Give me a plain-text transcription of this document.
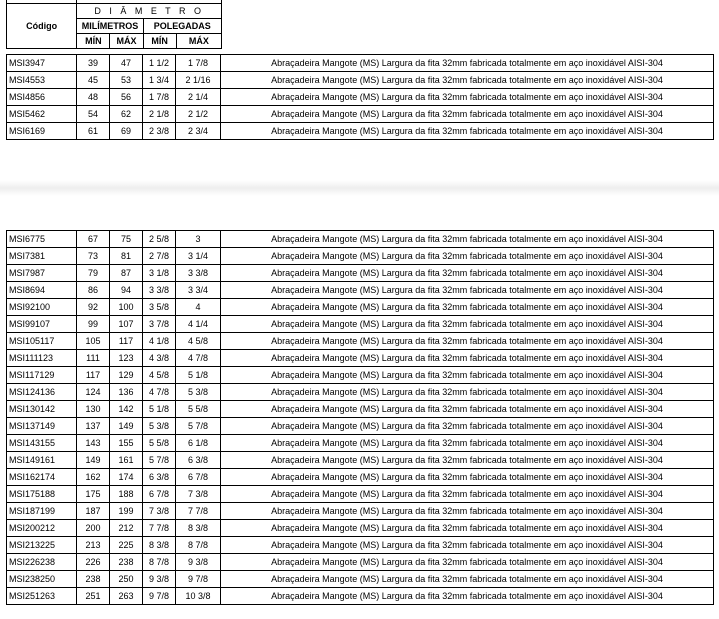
Código	D I Â M E T R O			
	MILÍMETROS		POLEGADAS	
	MÍN	MÁX	MÍN	MÁX
MSI3947	39	47	1 1/2	1 7/8	Abraçadeira Mangote (MS) Largura da fita 32mm fabricada totalmente em aço inoxidável AISI-304
MSI4553	45	53	1 3/4	2 1/16	Abraçadeira Mangote (MS) Largura da fita 32mm fabricada totalmente em aço inoxidável AISI-304
MSI4856	48	56	1 7/8	2 1/4	Abraçadeira Mangote (MS) Largura da fita 32mm fabricada totalmente em aço inoxidável AISI-304
MSI5462	54	62	2 1/8	2 1/2	Abraçadeira Mangote (MS) Largura da fita 32mm fabricada totalmente em aço inoxidável AISI-304
MSI6169	61	69	2 3/8	2 3/4	Abraçadeira Mangote (MS) Largura da fita 32mm fabricada totalmente em aço inoxidável AISI-304
MSI6775	67	75	2 5/8	3	Abraçadeira Mangote (MS) Largura da fita 32mm fabricada totalmente em aço inoxidável AISI-304
MSI7381	73	81	2 7/8	3 1/4	Abraçadeira Mangote (MS) Largura da fita 32mm fabricada totalmente em aço inoxidável AISI-304
MSI7987	79	87	3 1/8	3 3/8	Abraçadeira Mangote (MS) Largura da fita 32mm fabricada totalmente em aço inoxidável AISI-304
MSI8694	86	94	3 3/8	3 3/4	Abraçadeira Mangote (MS) Largura da fita 32mm fabricada totalmente em aço inoxidável AISI-304
MSI92100	92	100	3 5/8	4	Abraçadeira Mangote (MS) Largura da fita 32mm fabricada totalmente em aço inoxidável AISI-304
MSI99107	99	107	3 7/8	4 1/4	Abraçadeira Mangote (MS) Largura da fita 32mm fabricada totalmente em aço inoxidável AISI-304
MSI105117	105	117	4 1/8	4 5/8	Abraçadeira Mangote (MS) Largura da fita 32mm fabricada totalmente em aço inoxidável AISI-304
MSI111123	111	123	4 3/8	4 7/8	Abraçadeira Mangote (MS) Largura da fita 32mm fabricada totalmente em aço inoxidável AISI-304
MSI117129	117	129	4 5/8	5 1/8	Abraçadeira Mangote (MS) Largura da fita 32mm fabricada totalmente em aço inoxidável AISI-304
MSI124136	124	136	4 7/8	5 3/8	Abraçadeira Mangote (MS) Largura da fita 32mm fabricada totalmente em aço inoxidável AISI-304
MSI130142	130	142	5 1/8	5 5/8	Abraçadeira Mangote (MS) Largura da fita 32mm fabricada totalmente em aço inoxidável AISI-304
MSI137149	137	149	5 3/8	5 7/8	Abraçadeira Mangote (MS) Largura da fita 32mm fabricada totalmente em aço inoxidável AISI-304
MSI143155	143	155	5 5/8	6 1/8	Abraçadeira Mangote (MS) Largura da fita 32mm fabricada totalmente em aço inoxidável AISI-304
MSI149161	149	161	5 7/8	6 3/8	Abraçadeira Mangote (MS) Largura da fita 32mm fabricada totalmente em aço inoxidável AISI-304
MSI162174	162	174	6 3/8	6 7/8	Abraçadeira Mangote (MS) Largura da fita 32mm fabricada totalmente em aço inoxidável AISI-304
MSI175188	175	188	6 7/8	7 3/8	Abraçadeira Mangote (MS) Largura da fita 32mm fabricada totalmente em aço inoxidável AISI-304
MSI187199	187	199	7 3/8	7 7/8	Abraçadeira Mangote (MS) Largura da fita 32mm fabricada totalmente em aço inoxidável AISI-304
MSI200212	200	212	7 7/8	8 3/8	Abraçadeira Mangote (MS) Largura da fita 32mm fabricada totalmente em aço inoxidável AISI-304
MSI213225	213	225	8 3/8	8 7/8	Abraçadeira Mangote (MS) Largura da fita 32mm fabricada totalmente em aço inoxidável AISI-304
MSI226238	226	238	8 7/8	9 3/8	Abraçadeira Mangote (MS) Largura da fita 32mm fabricada totalmente em aço inoxidável AISI-304
MSI238250	238	250	9 3/8	9 7/8	Abraçadeira Mangote (MS) Largura da fita 32mm fabricada totalmente em aço inoxidável AISI-304
MSI251263	251	263	9 7/8	10 3/8	Abraçadeira Mangote (MS) Largura da fita 32mm fabricada totalmente em aço inoxidável AISI-304
